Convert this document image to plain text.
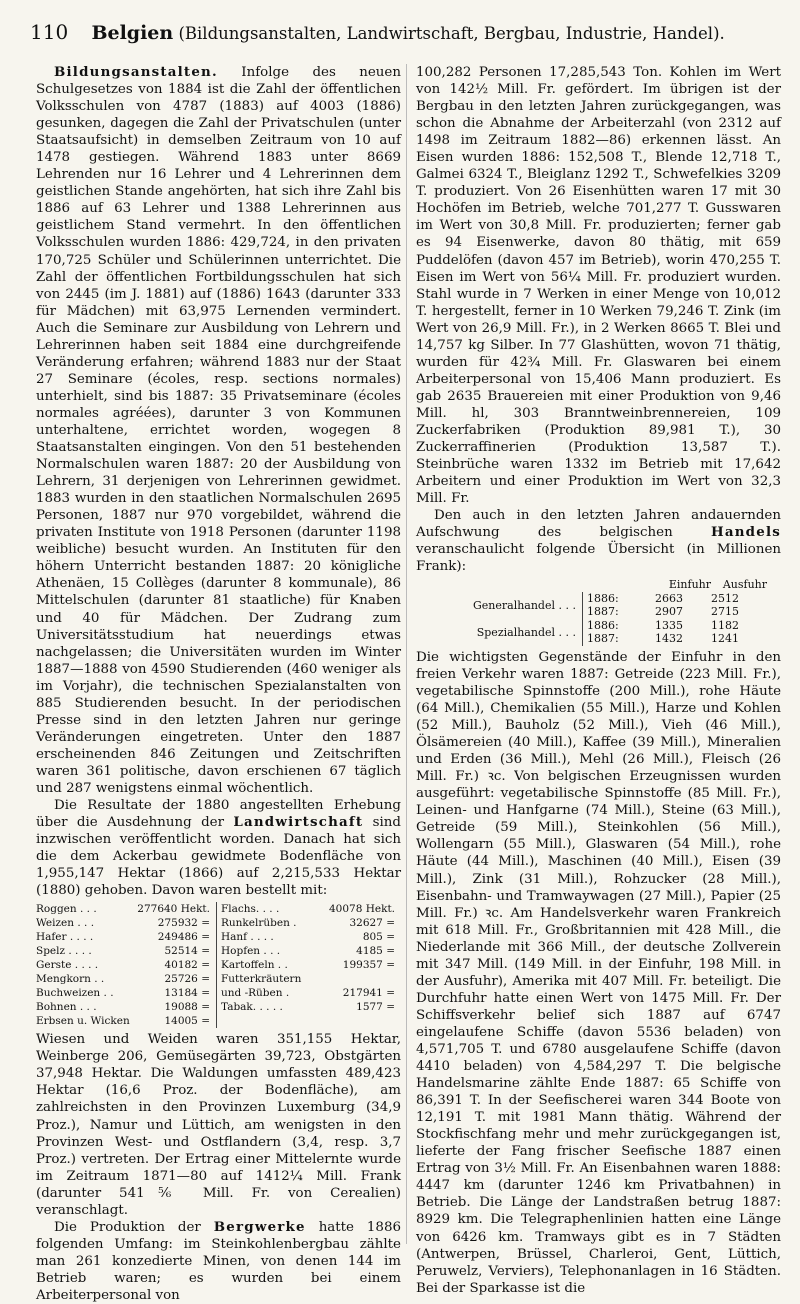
110 Belgien (Bildungsanstalten, Landwirtschaft, Bergbau, Industrie, Handel).

Bildungsanstalten. Infolge des neuen Schulgesetzes von 1884 ist die Zahl der öffentlichen Volksschulen von 4787 (1883) auf 4003 (1886) gesunken, dagegen die Zahl der Privatschulen (unter Staatsaufsicht) in demselben Zeitraum von 10 auf 1478 gestiegen. Während 1883 unter 8669 Lehrenden nur 16 Lehrer und 4 Lehrerinnen dem geistlichen Stande angehörten, hat sich ihre Zahl bis 1886 auf 63 Lehrer und 1388 Lehrerinnen aus geistlichem Stand vermehrt. In den öffentlichen Volksschulen wurden 1886: 429,724, in den privaten 170,725 Schüler und Schülerinnen unterrichtet. Die Zahl der öffentlichen Fortbildungsschulen hat sich von 2445 (im J. 1881) auf (1886) 1643 (darunter 333 für Mädchen) mit 63,975 Lernenden vermindert. Auch die Seminare zur Ausbildung von Lehrern und Lehrerinnen haben seit 1884 eine durchgreifende Veränderung erfahren; während 1883 nur der Staat 27 Seminare (écoles, resp. sections normales) unterhielt, sind bis 1887: 35 Privatseminare (écoles normales agréées), darunter 3 von Kommunen unterhaltene, errichtet worden, wogegen 8 Staatsanstalten eingingen. Von den 51 bestehenden Normalschulen waren 1887: 20 der Ausbildung von Lehrern, 31 derjenigen von Lehrerinnen gewidmet. 1883 wurden in den staatlichen Normalschulen 2695 Personen, 1887 nur 970 vorgebildet, während die privaten Institute von 1918 Personen (darunter 1198 weibliche) besucht wurden. An Instituten für den höhern Unterricht bestanden 1887: 20 königliche Athenäen, 15 Collèges (darunter 8 kommunale), 86 Mittelschulen (darunter 81 staatliche) für Knaben und 40 für Mädchen. Der Zudrang zum Universitätsstudium hat neuerdings etwas nachgelassen; die Universitäten wurden im Winter 1887—1888 von 4590 Studierenden (460 weniger als im Vorjahr), die technischen Spezialanstalten von 885 Studierenden besucht. In der periodischen Presse sind in den letzten Jahren nur geringe Veränderungen eingetreten. Unter den 1887 erscheinenden 846 Zeitungen und Zeitschriften waren 361 politische, davon erschienen 67 täglich und 287 wenigstens einmal wöchentlich.

Die Resultate der 1880 angestellten Erhebung über die Ausdehnung der Landwirtschaft sind inzwischen veröffentlicht worden. Danach hat sich die dem Ackerbau gewidmete Bodenfläche von 1,955,147 Hektar (1866) auf 2,215,533 Hektar (1880) gehoben. Davon waren bestellt mit:

Roggen . . .	277640 Hekt.
Weizen . . .	275932 =
Hafer . . . .	249486 =
Spelz . . . .	52514 =
Gerste . . . .	40182 =
Mengkorn . .	25726 =
Buchweizen . .	13184 =
Bohnen . . .	19088 =
Erbsen u. Wicken	14005 =
Flachs. . . .	40078 Hekt.
Runkelrüben .	32627 =
Hanf . . . .	805 =
Hopfen . . .	4185 =
Kartoffeln . .	199357 =
Futterkräutern
und -Rüben .	217941 =
Tabak. . . . .	1577 =

Wiesen und Weiden waren 351,155 Hektar, Weinberge 206, Gemüsegärten 39,723, Obstgärten 37,948 Hektar. Die Waldungen umfassten 489,423 Hektar (16,6 Proz. der Bodenfläche), am zahlreichsten in den Provinzen Luxemburg (34,9 Proz.), Namur und Lüttich, am wenigsten in den Provinzen West- und Ostflandern (3,4, resp. 3,7 Proz.) vertreten. Der Ertrag einer Mittelernte wurde im Zeitraum 1871—80 auf 1412¼ Mill. Frank (darunter 541⅚ Mill. Fr. von Cerealien) veranschlagt.

Die Produktion der Bergwerke hatte 1886 folgenden Umfang: im Steinkohlenbergbau zählte man 261 konzedierte Minen, von denen 144 im Betrieb waren; es wurden bei einem Arbeiterpersonal von

100,282 Personen 17,285,543 Ton. Kohlen im Wert von 142½ Mill. Fr. gefördert. Im übrigen ist der Bergbau in den letzten Jahren zurückgegangen, was schon die Abnahme der Arbeiterzahl (von 2312 auf 1498 im Zeitraum 1882—86) erkennen lässt. An Eisen wurden 1886: 152,508 T., Blende 12,718 T., Galmei 6324 T., Bleiglanz 1292 T., Schwefelkies 3209 T. produziert. Von 26 Eisenhütten waren 17 mit 30 Hochöfen im Betrieb, welche 701,277 T. Gusswaren im Wert von 30,8 Mill. Fr. produzierten; ferner gab es 94 Eisenwerke, davon 80 thätig, mit 659 Puddelöfen (davon 457 im Betrieb), worin 470,255 T. Eisen im Wert von 56¼ Mill. Fr. produziert wurden. Stahl wurde in 7 Werken in einer Menge von 10,012 T. hergestellt, ferner in 10 Werken 79,246 T. Zink (im Wert von 26,9 Mill. Fr.), in 2 Werken 8665 T. Blei und 14,757 kg Silber. In 77 Glashütten, wovon 71 thätig, wurden für 42¾ Mill. Fr. Glaswaren bei einem Arbeiterpersonal von 15,406 Mann produziert. Es gab 2635 Brauereien mit einer Produktion von 9,46 Mill. hl, 303 Branntweinbrennereien, 109 Zuckerfabriken (Produktion 89,981 T.), 30 Zuckerraffinerien (Produktion 13,587 T.). Steinbrüche waren 1332 im Betrieb mit 17,642 Arbeitern und einer Produktion im Wert von 32,3 Mill. Fr.

Den auch in den letzten Jahren andauernden Aufschwung des belgischen	Handels veranschaulicht folgende Übersicht (in Millionen Frank):

Einfuhr	Ausfuhr
Generalhandel . . .
1886:	2663	2512
1887:	2907	2715
Spezialhandel . . .
1886:	1335	1182
1887:	1432	1241

Die wichtigsten Gegenstände der Einfuhr in den freien Verkehr waren 1887: Getreide (223 Mill. Fr.), vegetabilische Spinnstoffe (200 Mill.), rohe Häute (64 Mill.), Chemikalien (55 Mill.), Harze und Kohlen (52 Mill.), Bauholz (52 Mill.), Vieh (46 Mill.), Ölsämereien (40 Mill.), Kaffee (39 Mill.), Mineralien und Erden (36 Mill.), Mehl (26 Mill.), Fleisch (26 Mill. Fr.) ꝛc. Von belgischen Erzeugnissen wurden ausgeführt: vegetabilische Spinnstoffe (85 Mill. Fr.), Leinen- und Hanfgarne (74 Mill.), Steine (63 Mill.), Getreide (59 Mill.), Steinkohlen (56 Mill.), Wollengarn (55 Mill.), Glaswaren (54 Mill.), rohe Häute (44 Mill.), Maschinen (40 Mill.), Eisen (39 Mill.), Zink (31 Mill.), Rohzucker (28 Mill.), Eisenbahn- und Tramwaywagen (27 Mill.), Papier (25 Mill. Fr.) ꝛc. Am Handelsverkehr waren Frankreich mit 618 Mill. Fr., Großbritannien mit 428 Mill., die Niederlande mit 366 Mill., der deutsche Zollverein mit 347 Mill. (149 Mill. in der Einfuhr, 198 Mill. in der Ausfuhr), Amerika mit 407 Mill. Fr. beteiligt. Die Durchfuhr hatte einen Wert von 1475 Mill. Fr. Der Schiffsverkehr belief sich 1887 auf 6747 eingelaufene Schiffe (davon 5536 beladen) von 4,571,705 T. und 6780 ausgelaufene Schiffe (davon 4410 beladen) von 4,584,297 T. Die belgische Handelsmarine zählte Ende 1887: 65 Schiffe von 86,391 T. In der Seefischerei waren 344 Boote von 12,191 T. mit 1981 Mann thätig. Während der Stockfischfang mehr und mehr zurückgegangen ist, lieferte der Fang frischer Seefische 1887 einen Ertrag von 3½ Mill. Fr. An Eisenbahnen waren 1888: 4447 km (darunter 1246 km Privatbahnen) in Betrieb. Die Länge der Landstraßen betrug 1887: 8929 km. Die Telegraphenlinien hatten eine Länge von 6426 km. Tramways gibt es in 7 Städten (Antwerpen, Brüssel, Charleroi, Gent, Lüttich, Peruwelz, Verviers), Telephonanlagen in 16 Städten. Bei der Sparkasse ist die
